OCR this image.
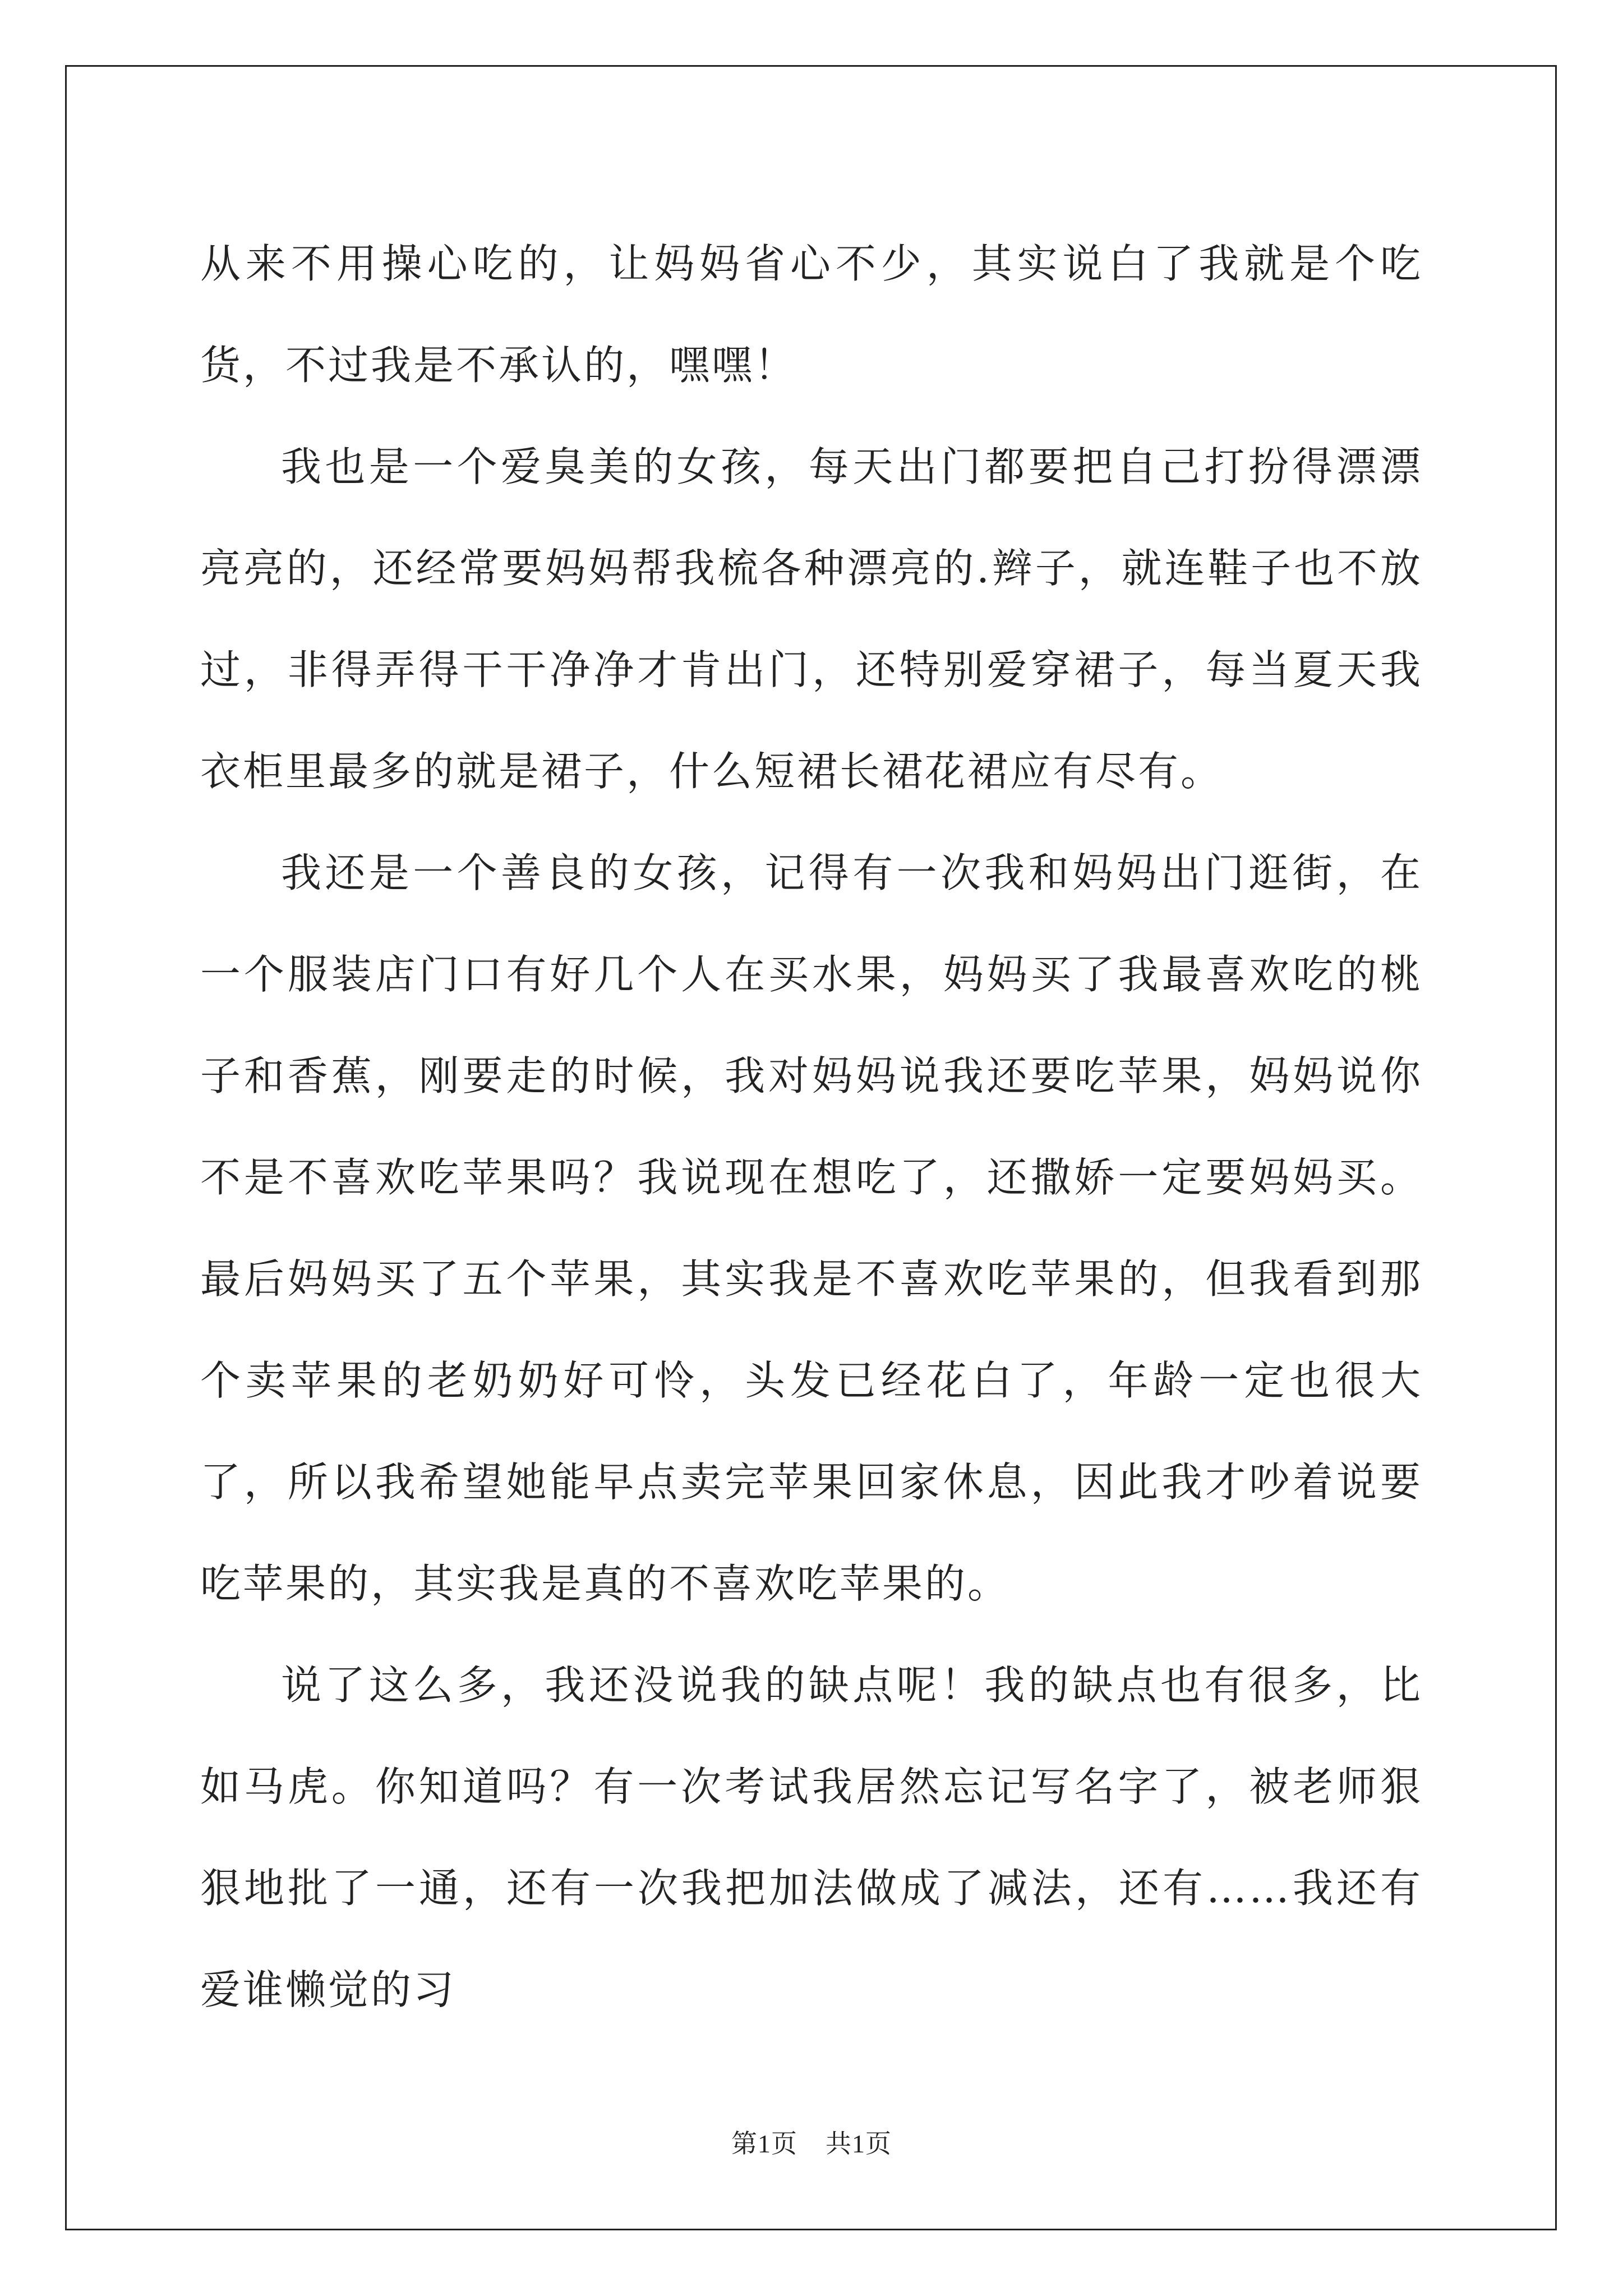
从来不用操心吃的，让妈妈省心不少，其实说白了我就是个吃货，不过我是不承认的，嘿嘿！

我也是一个爱臭美的女孩，每天出门都要把自己打扮得漂漂亮亮的，还经常要妈妈帮我梳各种漂亮的.辫子，就连鞋子也不放过，非得弄得干干净净才肯出门，还特别爱穿裙子，每当夏天我衣柜里最多的就是裙子，什么短裙长裙花裙应有尽有。

我还是一个善良的女孩，记得有一次我和妈妈出门逛街，在一个服装店门口有好几个人在买水果，妈妈买了我最喜欢吃的桃子和香蕉，刚要走的时候，我对妈妈说我还要吃苹果，妈妈说你不是不喜欢吃苹果吗？我说现在想吃了，还撒娇一定要妈妈买。最后妈妈买了五个苹果，其实我是不喜欢吃苹果的，但我看到那个卖苹果的老奶奶好可怜，头发已经花白了，年龄一定也很大了，所以我希望她能早点卖完苹果回家休息，因此我才吵着说要吃苹果的，其实我是真的不喜欢吃苹果的。

说了这么多，我还没说我的缺点呢！我的缺点也有很多，比如马虎。你知道吗？有一次考试我居然忘记写名字了，被老师狠狠地批了一通，还有一次我把加法做成了减法，还有……我还有爱谁懒觉的习

第1页 共1页
